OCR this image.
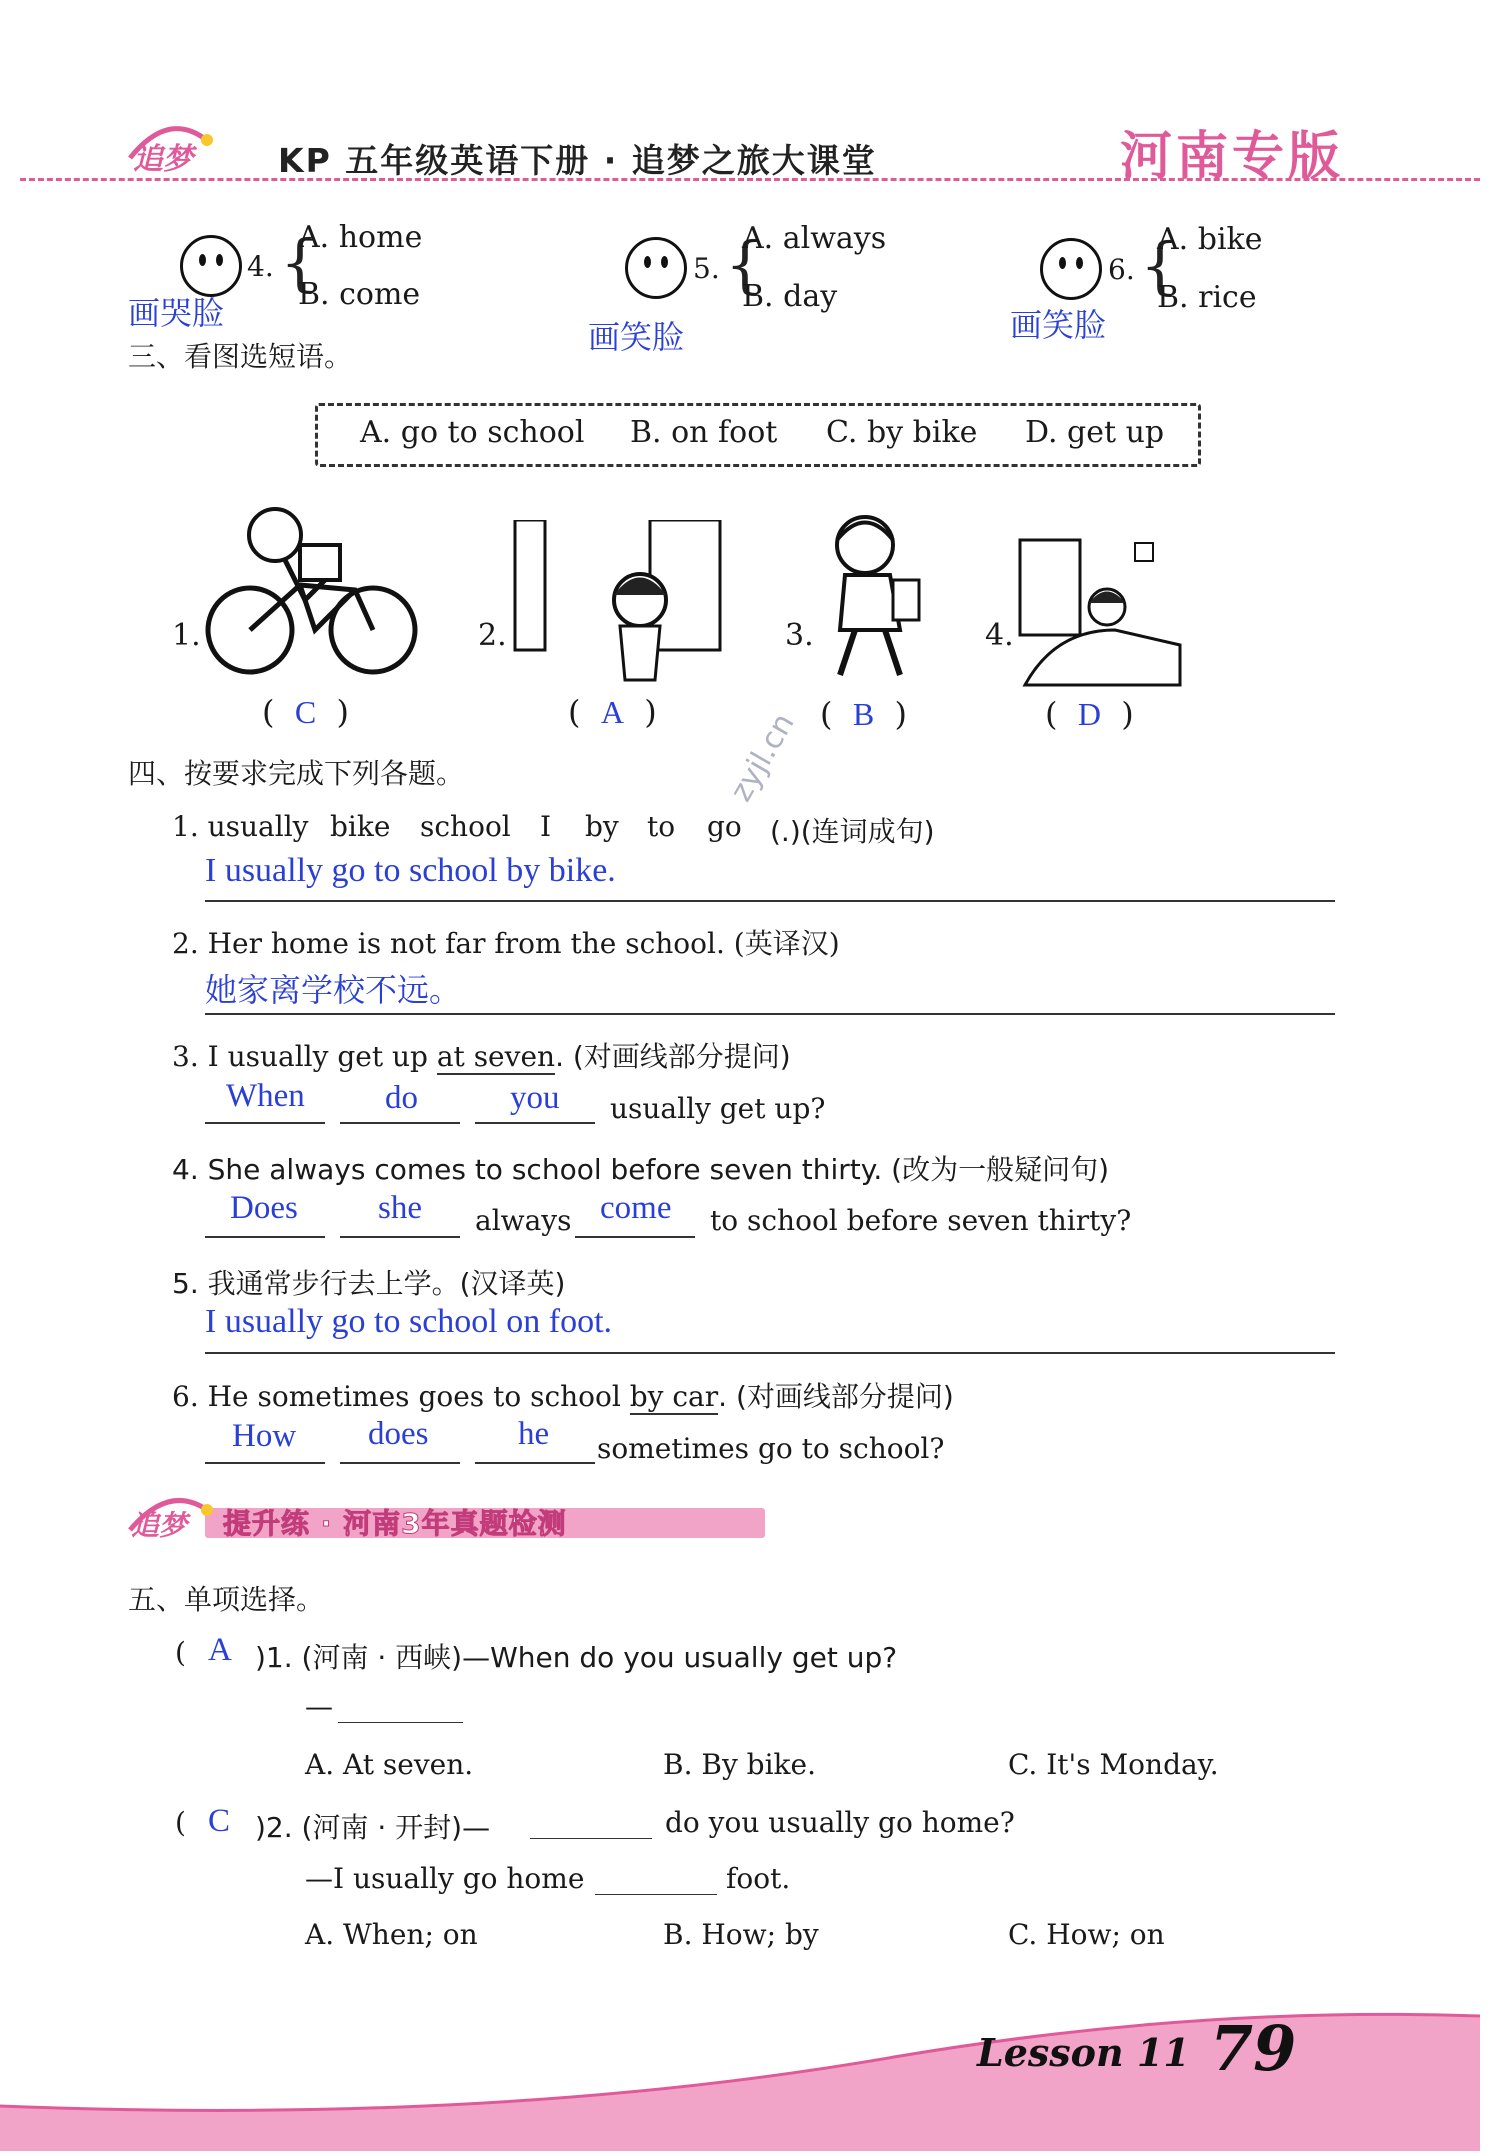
追梦	KP 五年级英语下册 · 追梦之旅大课堂	河南专版
4. {
A. home
B. come
画哭脸
5. {
A. always
B. day
画笑脸
6. {
A. bike
B. rice
画笑脸
三、看图选短语。
A. go to school B. on foot C. by bike D. get up
1.	2.	3.	4.
(  C  )	(  A  )	(  B  )	(  D  )
zyjl.cn
四、按要求完成下列各题。
1. usually bike school I by to go (.)(连词成句)
I usually go to school by bike.
2. Her home is not far from the school. (英译汉)
她家离学校不远。
3. I usually get up at seven. (对画线部分提问)
When do	you usually get up?
4. She always comes to school before seven thirty. (改为一般疑问句)
Does she always come to school before seven thirty?
5. 我通常步行去上学。(汉译英)
I usually go to school on foot.
6. He sometimes goes to school by car. (对画线部分提问)
How does	he sometimes go to school?
追梦 提升练 · 河南3年真题检测
五、单项选择。
( A )1. (河南 · 西峡)—When do you usually get up?
—
A. At seven.	B. By bike.	C. It's Monday.
( C )2. (河南 · 开封)—	do you usually go home?
—I usually go home	foot.
A. When; on	B. How; by	C. How; on
Lesson 11 79
